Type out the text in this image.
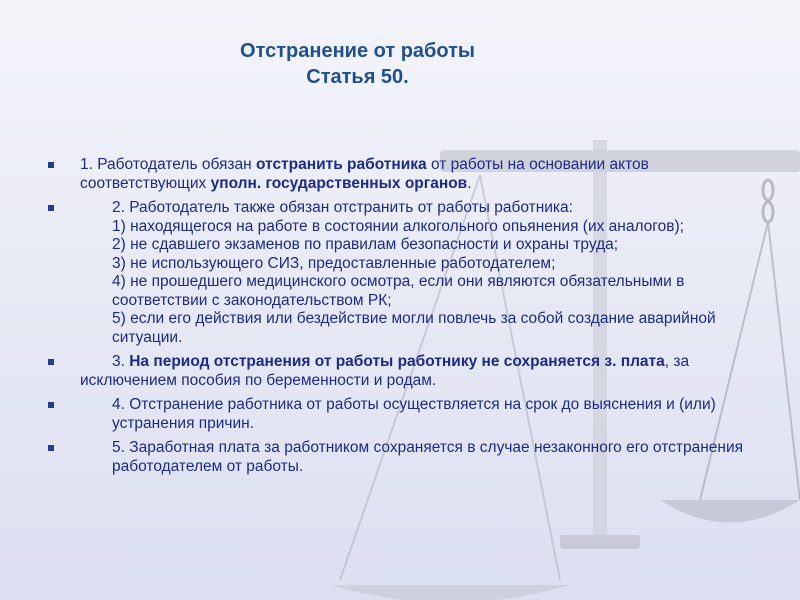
Отстранение от работы
Статья 50.
1. Работодатель обязан отстранить работника от работы на основании актов соответствующих уполн. государственных органов.
2. Работодатель также обязан отстранить от работы работника:
1) находящегося на работе в состоянии алкогольного опьянения (их аналогов);
2) не сдавшего экзаменов по правилам безопасности и охраны труда;
3) не использующего СИЗ, предоставленные работодателем;
4) не прошедшего медицинского осмотра, если они являются обязательными в соответствии с законодательством РК;
5) если его действия или бездействие могли повлечь за собой создание аварийной ситуации.
3. На период отстранения от работы работнику не сохраняется з. плата, за исключением пособия по беременности и родам.
4. Отстранение работника от работы осуществляется на срок до выяснения и (или) устранения причин.
5. Заработная плата за работником сохраняется в случае незаконного его отстранения работодателем от работы.
